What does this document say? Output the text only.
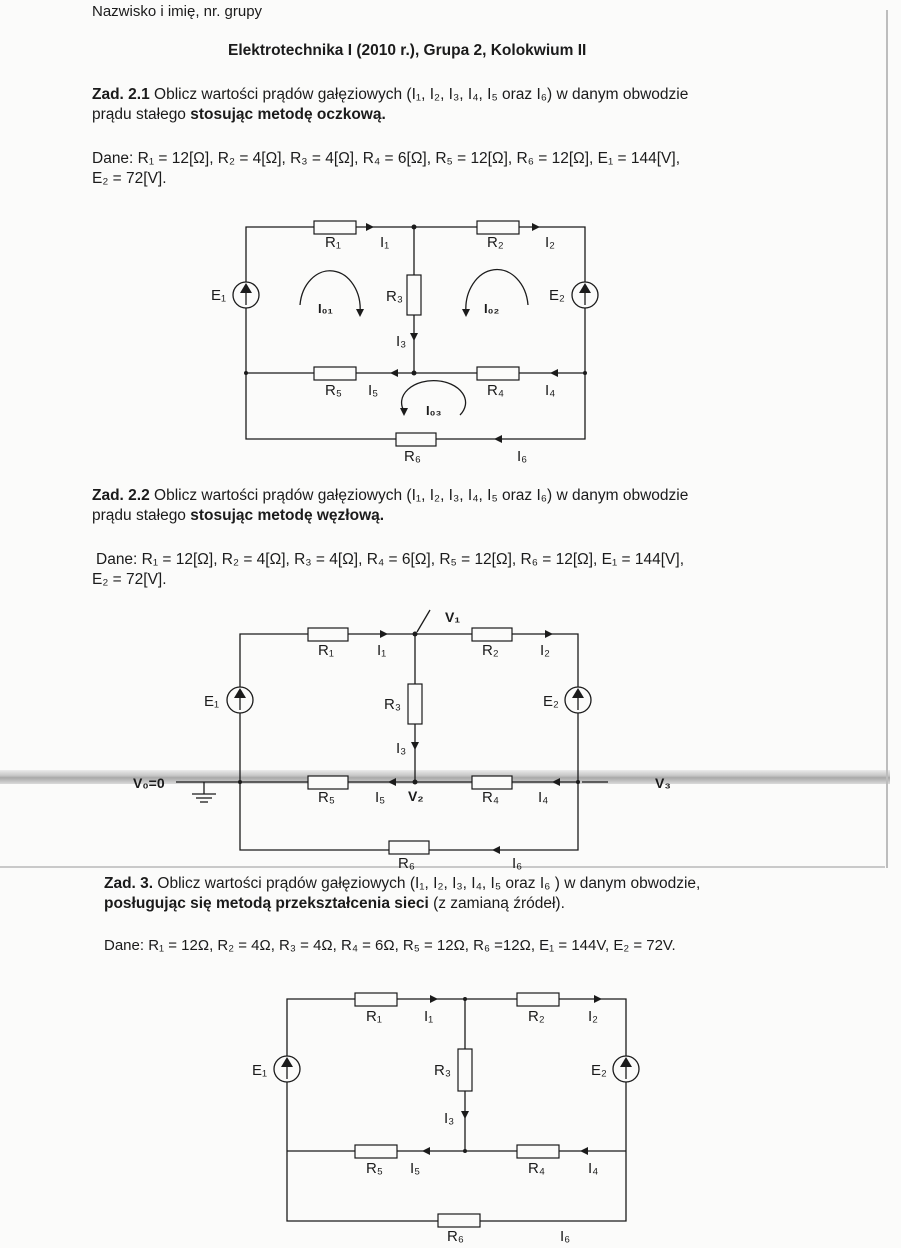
Nazwisko i imię, nr. grupy
Elektrotechnika I (2010 r.), Grupa 2, Kolokwium II
Zad. 2.1 Oblicz wartości prądów gałęziowych (I₁, I₂, I₃, I₄, I₅ oraz I₆) w danym obwodzie
prądu stałego stosując metodę oczkową.
Dane: R₁ = 12[Ω], R₂ = 4[Ω], R₃ = 4[Ω], R₄ = 6[Ω], R₅ = 12[Ω], R₆ = 12[Ω], E₁ = 144[V],
E₂ = 72[V].
R₁	I₁	R₂	I₂
R₃
I₃
E₁	E₂
I₀₁	I₀₂
I₀₃
R₄	I₄
R₅ I₅
R₆	I₆
Zad. 2.2 Oblicz wartości prądów gałęziowych (I₁, I₂, I₃, I₄, I₅ oraz I₆) w danym obwodzie
prądu stałego stosując metodę węzłową.
Dane: R₁ = 12[Ω], R₂ = 4[Ω], R₃ = 4[Ω], R₄ = 6[Ω], R₅ = 12[Ω], R₆ = 12[Ω], E₁ = 144[V],
E₂ = 72[V].
V₁
V₀=0
V₂
V₃
R₁	I₁	R₂	I₂
R₃
I₃
E₁	E₂
R₅	I₅	R₄	I₄
R₆	I₆
Zad. 3. Oblicz wartości prądów gałęziowych (I₁, I₂, I₃, I₄, I₅ oraz I₆ ) w danym obwodzie,
posługując się metodą przekształcenia sieci (z zamianą źródeł).
Dane: R₁ = 12Ω, R₂ = 4Ω, R₃ = 4Ω, R₄ = 6Ω, R₅ = 12Ω, R₆ =12Ω, E₁ = 144V, E₂ = 72V.
R₁	I₁	R₂	I₂
R₃
I₃
E₁	E₂
R₅ I₅	R₄	I₄
R₆	I₆
